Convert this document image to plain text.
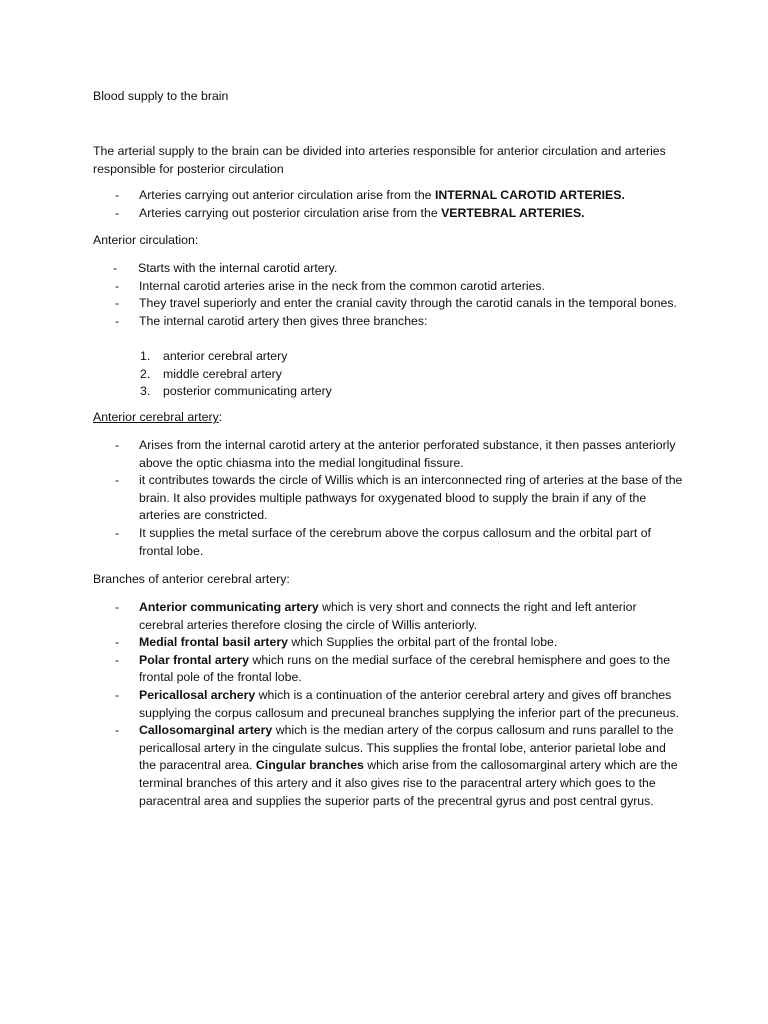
Blood supply to the brain

The arterial supply to the brain can be divided into arteries responsible for anterior circulation and arteries responsible for posterior circulation

- Arteries carrying out anterior circulation arise from the INTERNAL CAROTID ARTERIES.
- Arteries carrying out posterior circulation arise from the VERTEBRAL ARTERIES.

Anterior circulation:

- Starts with the internal carotid artery.
- Internal carotid arteries arise in the neck from the common carotid arteries.
- They travel superiorly and enter the cranial cavity through the carotid canals in the temporal bones.
- The internal carotid artery then gives three branches:
1. anterior cerebral artery
2. middle cerebral artery
3. posterior communicating artery

Anterior cerebral artery:

- Arises from the internal carotid artery at the anterior perforated substance, it then passes anteriorly above the optic chiasma into the medial longitudinal fissure.
- it contributes towards the circle of Willis which is an interconnected ring of arteries at the base of the brain. It also provides multiple pathways for oxygenated blood to supply the brain if any of the arteries are constricted.
- It supplies the metal surface of the cerebrum above the corpus callosum and the orbital part of frontal lobe.

Branches of anterior cerebral artery:

- Anterior communicating artery which is very short and connects the right and left anterior cerebral arteries therefore closing the circle of Willis anteriorly.
- Medial frontal basil artery which Supplies the orbital part of the frontal lobe.
- Polar frontal artery which runs on the medial surface of the cerebral hemisphere and goes to the frontal pole of the frontal lobe.
- Pericallosal archery which is a continuation of the anterior cerebral artery and gives off branches supplying the corpus callosum and precuneal branches supplying the inferior part of the precuneus.
- Callosomarginal artery which is the median artery of the corpus callosum and runs parallel to the pericallosal artery in the cingulate sulcus. This supplies the frontal lobe, anterior parietal lobe and the paracentral area. Cingular branches which arise from the callosomarginal artery which are the terminal branches of this artery and it also gives rise to the paracentral artery which goes to the paracentral area and supplies the superior parts of the precentral gyrus and post central gyrus.
